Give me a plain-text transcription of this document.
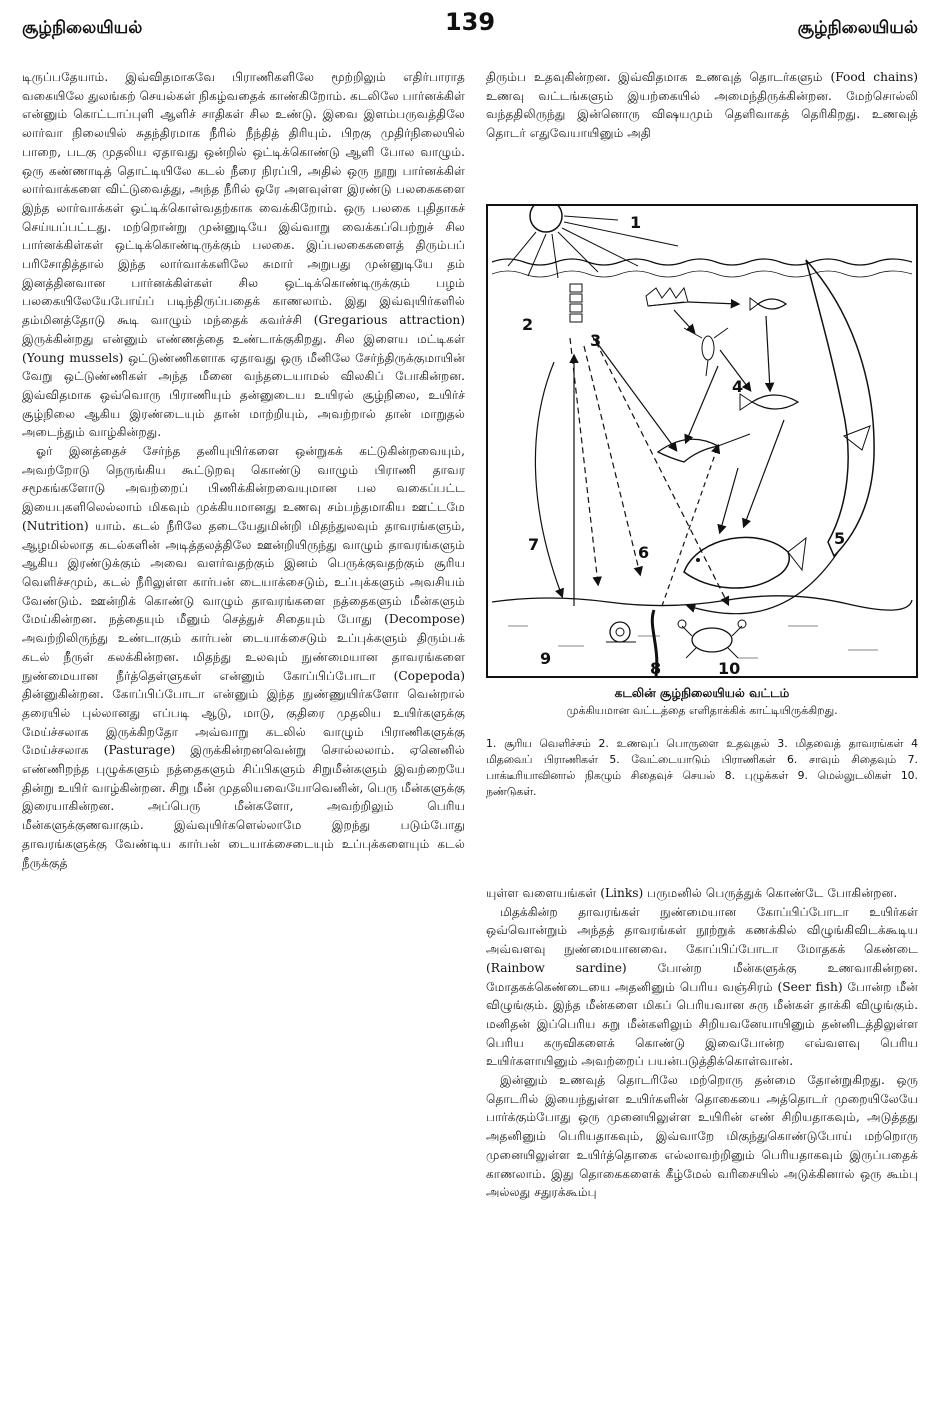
சூழ்நிலையியல்	139	சூழ்நிலையியல்

டிருப்பதேயாம். இவ்விதமாகவே பிராணிகளிலே மூற்றிலும் எதிர்பாராத வகையிலே துலங்கற் செயல்கள் நிகழ்வதைக் காண்கிறோம். கடலிலே பார்னக்கிள் என்னும் கொட்டாப்புளி ஆளிச் சாதிகள் சில உண்டு. இவை இளம்பருவத்திலே லார்வா நிலையில் சுதந்திரமாக நீரில் நீந்தித் திரியும். பிறகு முதிர்நிலையில் பாறை, படகு முதலிய ஏதாவது ஒன்றில் ஒட்டிக்கொண்டு ஆளி போல வாழும். ஒரு கண்ணாடித் தொட்டியிலே கடல் நீரை நிரப்பி, அதில் ஒரு நூறு பார்னக்கிள் லார்வாக்களை விட்டுவைத்து, அந்த நீரில் ஒரே அளவுள்ள இரண்டு பலகைகளை இந்த லார்வாக்கள் ஒட்டிக்கொள்வதற்காக வைக்கிறோம். ஒரு பலகை புதிதாகச் செய்யப்பட்டது. மற்றொன்று முன்னுடியே இவ்வாறு வைக்கப்பெற்றுச் சில பார்னக்கிள்கள் ஒட்டிக்கொண்டிருக்கும் பலகை. இப்பலகைகளைத் திரும்பப் பரிசோதித்தால் இந்த லார்வாக்களிலே சுமார் அறுபது முன்னுடியே தம் இனத்தினவான பார்னக்கிள்கள் சில ஒட்டிக்கொண்டிருக்கும் பழம் பலகையிலேயேபோய்ப் படிந்திருப்பதைக் காணலாம். இது இவ்வுயிர்களில் தம்மினத்தோடு கூடி வாழும் மந்தைக் கவர்ச்சி (Gregarious attraction) இருக்கின்றது என்னும் எண்ணத்தை உண்டாக்குகிறது. சில இளைய மட்டிகள் (Young mussels) ஒட்டுண்ணிகளாக ஏதாவது ஒரு மீனிலே சேர்ந்திருக்குமாயின் வேறு ஒட்டுண்ணிகள் அந்த மீனை வந்தடையாமல் விலகிப் போகின்றன. இவ்விதமாக ஒவ்வொரு பிராணியும் தன்னுடைய உயிரல் சூழ்நிலை, உயிர்ச் சூழ்நிலை ஆகிய இரண்டையும் தான் மாற்றியும், அவற்றால் தான் மாறுதல் அடைந்தும் வாழ்கின்றது.

ஓர் இனத்தைச் சேர்ந்த தனியுயிர்களை ஒன்றுகக் கட்டுகின்றவையும், அவற்றோடு நெருங்கிய கூட்டுறவு கொண்டு வாழும் பிராணி தாவர சமூகங்களோடு அவற்றைப் பிணிக்கின்றவையுமான பல வகைப்பட்ட இயைபுகளிலெல்லாம் மிகவும் முக்கியமானது உணவு சம்பந்தமாகிய ஊட்டமே (Nutrition) யாம். கடல் நீரிலே தடையேதுமின்றி மிதந்துலவும் தாவரங்களும், ஆழமில்லாத கடல்களின் அடித்தலத்திலே ஊன்றியிருந்து வாழும் தாவரங்களும் ஆகிய இரண்டுக்கும் அவை வளர்வதற்கும் இனம் பெருக்குவதற்கும் சூரிய வெளிச்சமும், கடல் நீரிலுள்ள கார்பன் டையாக்சைடும், உப்புக்களும் அவசியம் வேண்டும். ஊன்றிக் கொண்டு வாழும் தாவரங்களை நத்தைகளும் மீன்களும் மேய்கின்றன. நத்தையும் மீனும் செத்துச் சிதையும் போது (Decompose) அவற்றிலிருந்து உண்டாகும் கார்பன் டையாக்சைடும் உப்புக்களும் திரும்பக் கடல் நீருள் கலக்கின்றன. மிதந்து உலவும் நுண்மையான தாவரங்களை நுண்மையான நீர்த்தெள்ளுகள் என்னும் கோப்பிப்போடா (Copepoda) தின்னுகின்றன. கோப்பிப்போடா என்னும் இந்த நுண்ணுயிர்களோ வென்றால் தரையில் புல்லானது எப்படி ஆடு, மாடு, குதிரை முதலிய உயிர்களுக்கு மேய்ச்சலாக இருக்கிறதோ அவ்வாறு கடலில் வாழும் பிராணிகளுக்கு மேய்ச்சலாக (Pasturage) இருக்கின்றனவென்று சொல்லலாம். ஏனெனில் எண்ணிறந்த புழுக்களும் நத்தைகளும் சிப்பிகளும் சிறுமீன்களும் இவற்றையே தின்று உயிர் வாழ்கின்றன. சிறு மீன் முதலியவையோவெனின், பெரு மீன்களுக்கு இரையாகின்றன. அப்பெரு மீன்களோ, அவற்றிலும் பெரிய மீன்களுக்குணவாகும். இவ்வுயிர்களெல்லாமே இறந்து படும்போது தாவரங்களுக்கு வேண்டிய கார்பன் டையாக்சைடையும் உப்புக்களையும் கடல் நீருக்குத்

திரும்ப உதவுகின்றன. இவ்விதமாக உணவுத் தொடர்களும் (Food chains) உணவு வட்டங்களும் இயற்கையில் அமைந்திருக்கின்றன. மேற்சொல்லி வந்ததிலிருந்து இன்னொரு விஷயமும் தெளிவாகத் தெரிகிறது. உணவுத் தொடர் எதுவேயாயினும் அதி

1
2
3
4
5
6
7
8
9
10
கடலின் சூழ்நிலையியல் வட்டம்
முக்கியமான வட்டத்தை எளிதாக்கிக் காட்டியிருக்கிறது.
1. சூரிய வெளிச்சம் 2. உணவுப் பொருளை உதவுதல் 3. மிதவைத் தாவரங்கள் 4 மிதவைப் பிராணிகள் 5. வேட்டையாடும் பிராணிகள் 6. சாவும் சிதைவும் 7. பாக்டீரியாவினால் நிகழும் சிதைவுச் செயல் 8. புழுக்கள் 9. மெல்லுடலிகள் 10. நண்டுகள்.

யுள்ள வளையங்கள் (Links) பருமனில் பெருத்துக் கொண்டே போகின்றன.

மிதக்கின்ற தாவரங்கள் நுண்மையான கோப்பிப்போடா உயிர்கள் ஒவ்வொன்றும் அந்தத் தாவரங்கள் நூற்றுக் கணக்கில் விழுங்கிவிடக்கூடிய அவ்வளவு நுண்மையானவை. கோப்பிப்போடா மோதகக் கெண்டை (Rainbow sardine) போன்ற மீன்களுக்கு உணவாகின்றன. மோதகக்கெண்டையை அதனினும் பெரிய வஞ்சிரம் (Seer fish) போன்ற மீன் விழுங்கும். இந்த மீன்களை மிகப் பெரியவான சுரு மீன்கள் தாக்கி விழுங்கும். மனிதன் இப்பெரிய சுறு மீன்களிலும் சிறியவனேயாயினும் தன்னிடத்திலுள்ள பெரிய கருவிகளைக் கொண்டு இவைபோன்ற எவ்வளவு பெரிய உயிர்களாயினும் அவற்றைப் பயன்படுத்திக்கொள்வான்.

இன்னும் உணவுத் தொடரிலே மற்றொரு தன்மை தோன்றுகிறது. ஒரு தொடரில் இயைந்துள்ள உயிர்களின் தொகையை அத்தொடர் முறையிலேயே பார்க்கும்போது ஒரு முனையிலுள்ள உயிரின் எண் சிறியதாகவும், அடுத்தது அதனினும் பெரியதாகவும், இவ்வாறே மிகுந்துகொண்டுபோய் மற்றொரு முனையிலுள்ள உயிர்த்தொகை எல்லாவற்றினும் பெரியதாகவும் இருப்பதைக் காணலாம். இது தொகைகளைக் கீழ்மேல் வரிசையில் அடுக்கினால் ஒரு கூம்பு அல்லது சதுரக்கூம்பு
